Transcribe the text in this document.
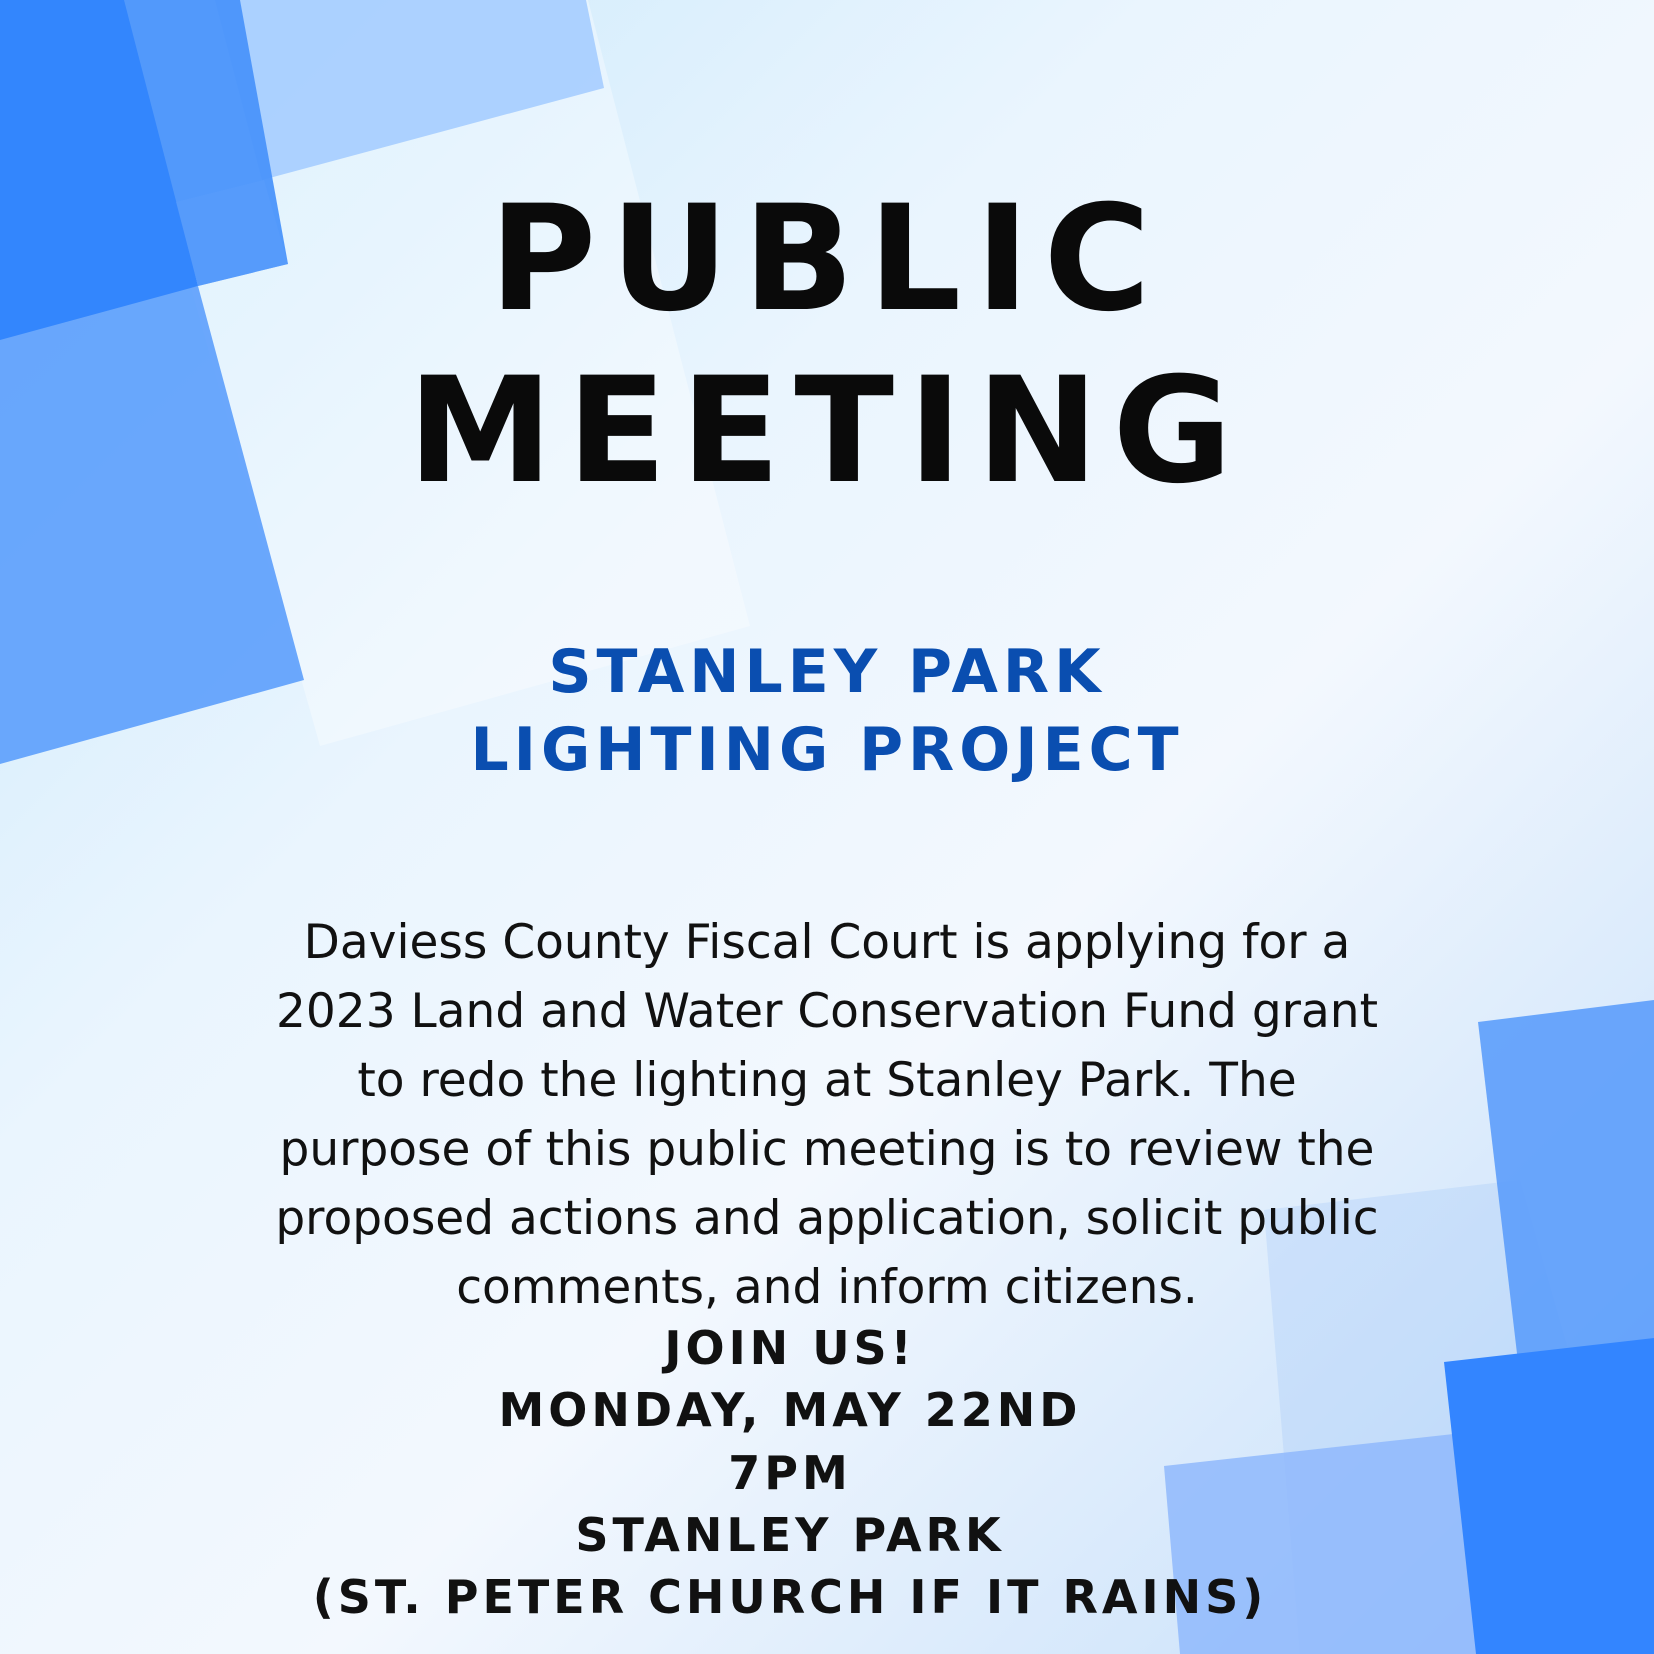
PUBLIC
MEETING
STANLEY PARK
LIGHTING PROJECT
Daviess County Fiscal Court is applying for a
2023 Land and Water Conservation Fund grant
to redo the lighting at Stanley Park. The
purpose of this public meeting is to review the
proposed actions and application, solicit public
comments, and inform citizens.
JOIN US!
MONDAY, MAY 22ND
7PM
STANLEY PARK
(ST. PETER CHURCH IF IT RAINS)
